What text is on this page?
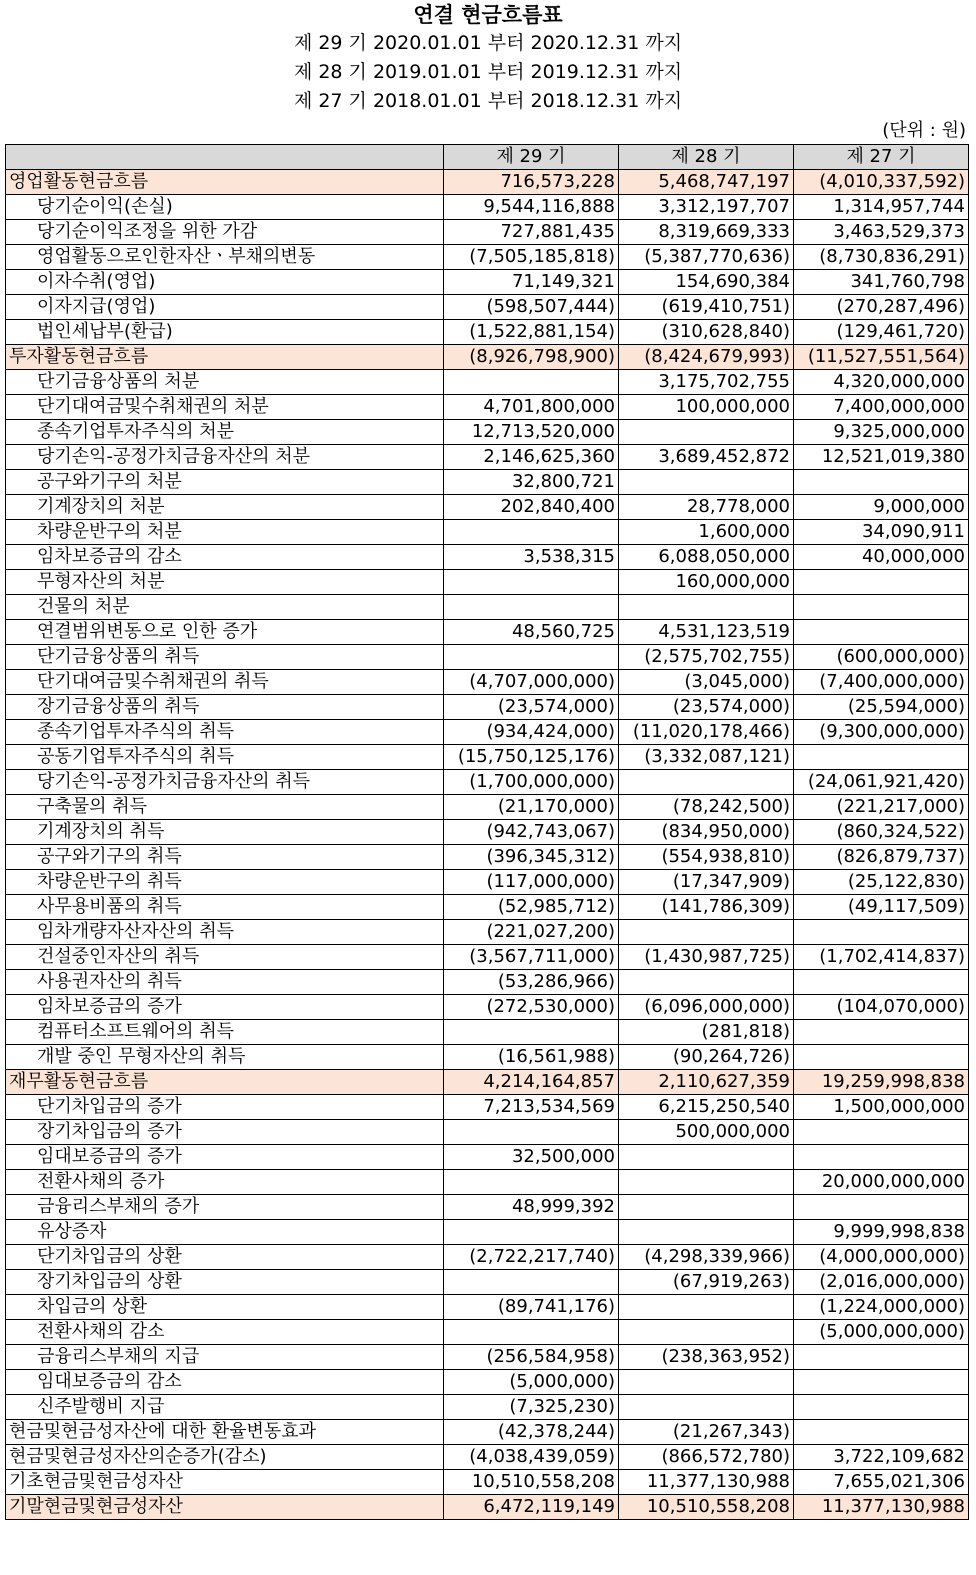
연결 현금흐름표
제 29 기 2020.01.01 부터 2020.12.31 까지
제 28 기 2019.01.01 부터 2019.12.31 까지
제 27 기 2018.01.01 부터 2018.12.31 까지
(단위 : 원)
	제 29 기	제 28 기	제 27 기
영업활동현금흐름	716,573,228	5,468,747,197	(4,010,337,592)
당기순이익(손실)	9,544,116,888	3,312,197,707	1,314,957,744
당기순이익조정을 위한 가감	727,881,435	8,319,669,333	3,463,529,373
영업활동으로인한자산ㆍ부채의변동	(7,505,185,818)	(5,387,770,636)	(8,730,836,291)
이자수취(영업)	71,149,321	154,690,384	341,760,798
이자지급(영업)	(598,507,444)	(619,410,751)	(270,287,496)
법인세납부(환급)	(1,522,881,154)	(310,628,840)	(129,461,720)
투자활동현금흐름	(8,926,798,900)	(8,424,679,993)	(11,527,551,564)
단기금융상품의 처분		3,175,702,755	4,320,000,000
단기대여금및수취채권의 처분	4,701,800,000	100,000,000	7,400,000,000
종속기업투자주식의 처분	12,713,520,000		9,325,000,000
당기손익-공정가치금융자산의 처분	2,146,625,360	3,689,452,872	12,521,019,380
공구와기구의 처분	32,800,721		
기계장치의 처분	202,840,400	28,778,000	9,000,000
차량운반구의 처분		1,600,000	34,090,911
임차보증금의 감소	3,538,315	6,088,050,000	40,000,000
무형자산의 처분		160,000,000	
건물의 처분			
연결범위변동으로 인한 증가	48,560,725	4,531,123,519	
단기금융상품의 취득		(2,575,702,755)	(600,000,000)
단기대여금및수취채권의 취득	(4,707,000,000)	(3,045,000)	(7,400,000,000)
장기금융상품의 취득	(23,574,000)	(23,574,000)	(25,594,000)
종속기업투자주식의 취득	(934,424,000)	(11,020,178,466)	(9,300,000,000)
공동기업투자주식의 취득	(15,750,125,176)	(3,332,087,121)	
당기손익-공정가치금융자산의 취득	(1,700,000,000)		(24,061,921,420)
구축물의 취득	(21,170,000)	(78,242,500)	(221,217,000)
기계장치의 취득	(942,743,067)	(834,950,000)	(860,324,522)
공구와기구의 취득	(396,345,312)	(554,938,810)	(826,879,737)
차량운반구의 취득	(117,000,000)	(17,347,909)	(25,122,830)
사무용비품의 취득	(52,985,712)	(141,786,309)	(49,117,509)
임차개량자산자산의 취득	(221,027,200)		
건설중인자산의 취득	(3,567,711,000)	(1,430,987,725)	(1,702,414,837)
사용권자산의 취득	(53,286,966)		
임차보증금의 증가	(272,530,000)	(6,096,000,000)	(104,070,000)
컴퓨터소프트웨어의 취득		(281,818)	
개발 중인 무형자산의 취득	(16,561,988)	(90,264,726)	
재무활동현금흐름	4,214,164,857	2,110,627,359	19,259,998,838
단기차입금의 증가	7,213,534,569	6,215,250,540	1,500,000,000
장기차입금의 증가		500,000,000	
임대보증금의 증가	32,500,000		
전환사채의 증가			20,000,000,000
금융리스부채의 증가	48,999,392		
유상증자			9,999,998,838
단기차입금의 상환	(2,722,217,740)	(4,298,339,966)	(4,000,000,000)
장기차입금의 상환		(67,919,263)	(2,016,000,000)
차입금의 상환	(89,741,176)		(1,224,000,000)
전환사채의 감소			(5,000,000,000)
금융리스부채의 지급	(256,584,958)	(238,363,952)	
임대보증금의 감소	(5,000,000)		
신주발행비 지급	(7,325,230)		
현금및현금성자산에 대한 환율변동효과	(42,378,244)	(21,267,343)	
현금및현금성자산의순증가(감소)	(4,038,439,059)	(866,572,780)	3,722,109,682
기초현금및현금성자산	10,510,558,208	11,377,130,988	7,655,021,306
기말현금및현금성자산	6,472,119,149	10,510,558,208	11,377,130,988
